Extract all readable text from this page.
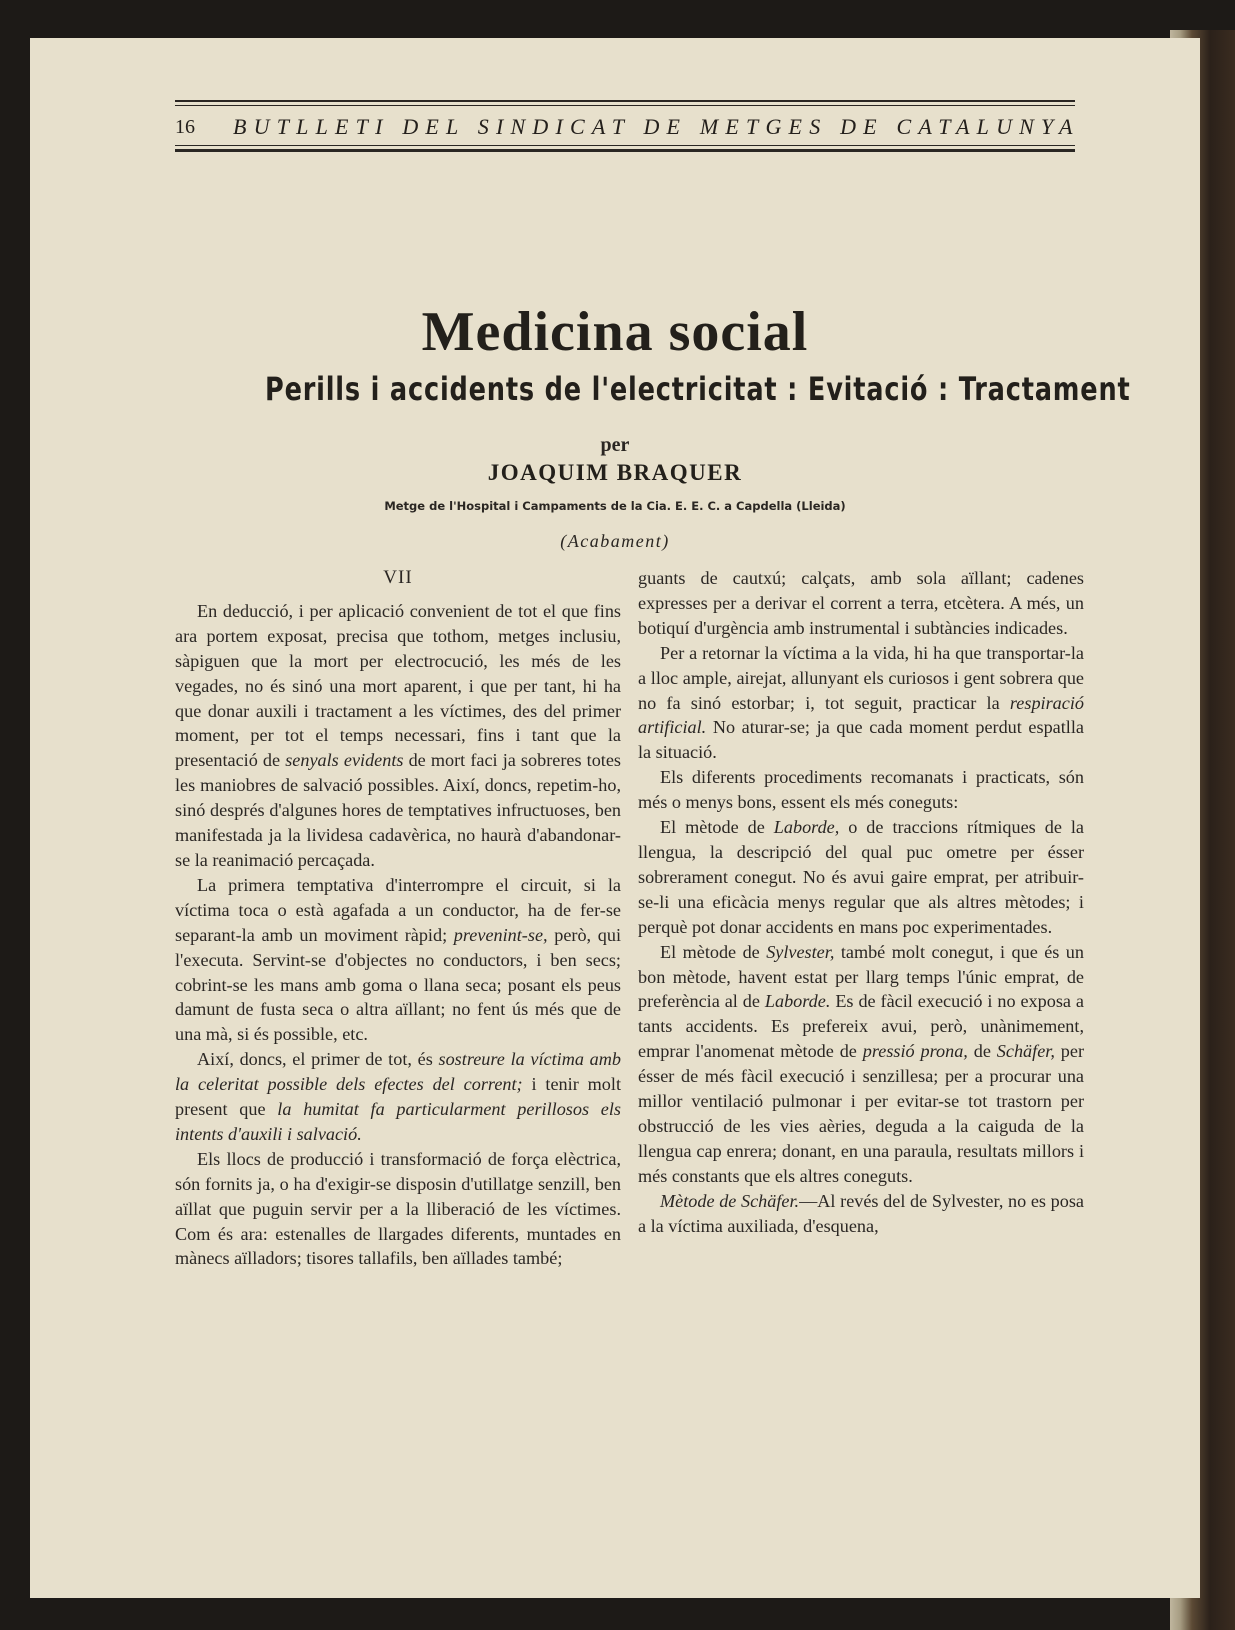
16 BUTLLETI DEL SINDICAT DE METGES DE CATALUNYA
Medicina social
Perills i accidents de l'electricitat : Evitació : Tractament
per
JOAQUIM BRAQUER
Metge de l'Hospital i Campaments de la Cia. E. E. C. a Capdella (Lleida)
(Acabament)
VII

En deducció, i per aplicació convenient de tot el que fins ara portem exposat, precisa que tothom, metges inclusiu, sàpiguen que la mort per electrocució, les més de les vegades, no és sinó una mort aparent, i que per tant, hi ha que donar auxili i tractament a les víctimes, des del primer moment, per tot el temps necessari, fins i tant que la presentació de senyals evidents de mort faci ja sobreres totes les maniobres de salvació possibles. Així, doncs, repetim-ho, sinó després d'algunes hores de temptatives infructuoses, ben manifestada ja la lividesa cadavèrica, no haurà d'abandonar-se la reanimació percaçada.

La primera temptativa d'interrompre el circuit, si la víctima toca o està agafada a un conductor, ha de fer-se separant-la amb un moviment ràpid; prevenint-se, però, qui l'executa. Servint-se d'objectes no conductors, i ben secs; cobrint-se les mans amb goma o llana seca; posant els peus damunt de fusta seca o altra aïllant; no fent ús més que de una mà, si és possible, etc.

Així, doncs, el primer de tot, és sostreure la víctima amb la celeritat possible dels efectes del corrent; i tenir molt present que la humitat fa particularment perillosos els intents d'auxili i salvació.

Els llocs de producció i transformació de força elèctrica, són fornits ja, o ha d'exigir-se disposin d'utillatge senzill, ben aïllat que puguin servir per a la lliberació de les víctimes. Com és ara: estenalles de llargades diferents, muntades en mànecs aïlladors; tisores tallafils, ben aïllades també;

guants de cautxú; calçats, amb sola aïllant; cadenes expresses per a derivar el corrent a terra, etcètera. A més, un botiquí d'urgència amb instrumental i subtàncies indicades.

Per a retornar la víctima a la vida, hi ha que transportar-la a lloc ample, airejat, allunyant els curiosos i gent sobrera que no fa sinó estorbar; i, tot seguit, practicar la respiració artificial. No aturar-se; ja que cada moment perdut espatlla la situació.

Els diferents procediments recomanats i practicats, són més o menys bons, essent els més coneguts:

El mètode de Laborde, o de traccions rítmiques de la llengua, la descripció del qual puc ometre per ésser sobrerament conegut. No és avui gaire emprat, per atribuir-se-li una eficàcia menys regular que als altres mètodes; i perquè pot donar accidents en mans poc experimentades.

El mètode de Sylvester, també molt conegut, i que és un bon mètode, havent estat per llarg temps l'únic emprat, de preferència al de Laborde. Es de fàcil execució i no exposa a tants accidents. Es prefereix avui, però, unànimement, emprar l'anomenat mètode de pressió prona, de Schäfer, per ésser de més fàcil execució i senzillesa; per a procurar una millor ventilació pulmonar i per evitar-se tot trastorn per obstrucció de les vies aèries, deguda a la caiguda de la llengua cap enrera; donant, en una paraula, resultats millors i més constants que els altres coneguts.

Mètode de Schäfer.—Al revés del de Sylvester, no es posa a la víctima auxiliada, d'esquena,
